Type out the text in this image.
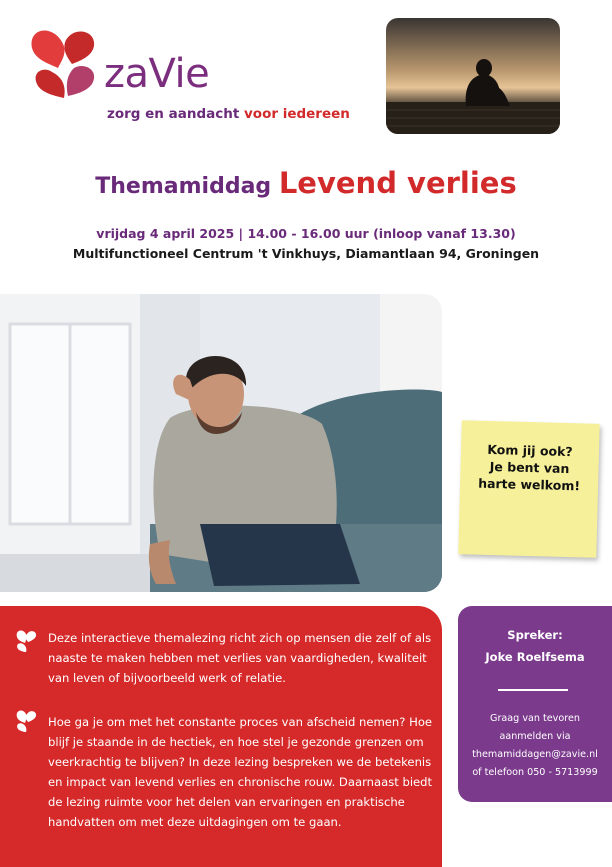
zaVie
zorg en aandacht voor iedereen
Themamiddag Levend verlies
vrijdag 4 april 2025 | 14.00 - 16.00 uur (inloop vanaf 13.30)
Multifunctioneel Centrum 't Vinkhuys, Diamantlaan 94, Groningen
Kom jij ook?
Je bent van
harte welkom!
Deze interactieve themalezing richt zich op mensen die zelf of als naaste te maken hebben met verlies van vaardigheden, kwaliteit van leven of bijvoorbeeld werk of relatie.
Hoe ga je om met het constante proces van afscheid nemen? Hoe blijf je staande in de hectiek, en hoe stel je gezonde grenzen om veerkrachtig te blijven? In deze lezing bespreken we de betekenis en impact van levend verlies en chronische rouw. Daarnaast biedt de lezing ruimte voor het delen van ervaringen en praktische handvatten om met deze uitdagingen om te gaan.
Spreker:
Joke Roelfsema
Graag van tevoren
aanmelden via
themamiddagen@zavie.nl
of telefoon 050 - 5713999
